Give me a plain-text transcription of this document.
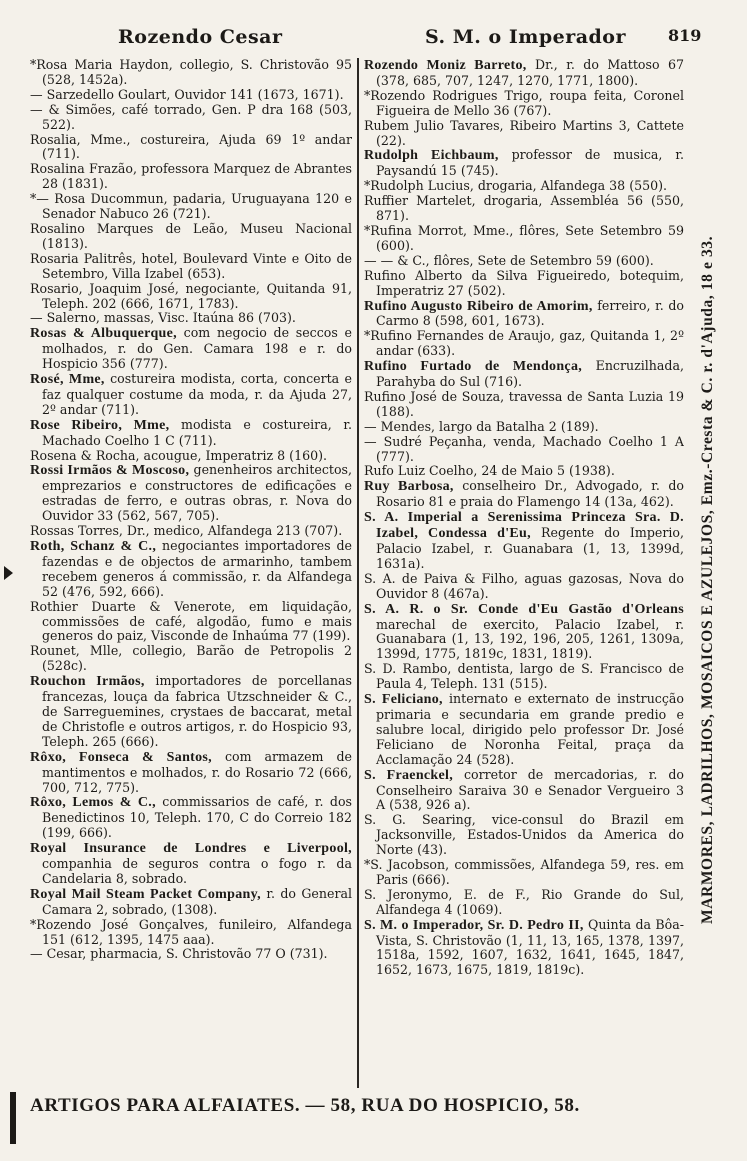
Rozendo Cesar	S. M. o Imperador	819
*Rosa Maria Haydon, collegio, S. Christovão 95 (528, 1452a).
— Sarzedello Goulart, Ouvidor 141 (1673, 1671).
— & Simões, café torrado, Gen. P dra 168 (503, 522).
Rosalia, Mme., costureira, Ajuda 69 1º andar (711).
Rosalina Frazão, professora Marquez de Abrantes 28 (1831).
*— Rosa Ducommun, padaria, Uruguayana 120 e Senador Nabuco 26 (721).
Rosalino Marques de Leão, Museu Nacional (1813).
Rosaria Palitrês, hotel, Boulevard Vinte e Oito de Setembro, Villa Izabel (653).
Rosario, Joaquim José, negociante, Quitanda 91, Teleph. 202 (666, 1671, 1783).
— Salerno, massas, Visc. Itaúna 86 (703).
Rosas & Albuquerque, com negocio de seccos e molhados, r. do Gen. Camara 198 e r. do Hospicio 356 (777).
Rosé, Mme, costureira modista, corta, concerta e faz qualquer costume da moda, r. da Ajuda 27, 2º andar (711).
Rose Ribeiro, Mme, modista e costureira, r. Machado Coelho 1 C (711).
Rosena & Rocha, acougue, Imperatriz 8 (160).
Rossi Irmãos & Moscoso, genenheiros architectos, emprezarios e constructores de edificações e estradas de ferro, e outras obras, r. Nova do Ouvidor 33 (562, 567, 705).
Rossas Torres, Dr., medico, Alfandega 213 (707).
Roth, Schanz & C., negociantes importadores de fazendas e de objectos de armarinho, tambem recebem generos á commissão, r. da Alfandega 52 (476, 592, 666).
Rothier Duarte & Venerote, em liquidação, commissões de café, algodão, fumo e mais generos do paiz, Visconde de Inhaúma 77 (199).
Rounet, Mlle, collegio, Barão de Petropolis 2 (528c).
Rouchon Irmãos, importadores de porcellanas francezas, louça da fabrica Utzschneider & C., de Sarreguemines, crystaes de baccarat, metal de Christofle e outros artigos, r. do Hospicio 93, Teleph. 265 (666).
Rôxo, Fonseca & Santos, com armazem de mantimentos e molhados, r. do Rosario 72 (666, 700, 712, 775).
Rôxo, Lemos & C., commissarios de café, r. dos Benedictinos 10, Teleph. 170, C do Correio 182 (199, 666).
Royal Insurance de Londres e Liverpool, companhia de seguros contra o fogo r. da Candelaria 8, sobrado.
Royal Mail Steam Packet Company, r. do General Camara 2, sobrado, (1308).
*Rozendo José Gonçalves, funileiro, Alfandega 151 (612, 1395, 1475 aaa).
— Cesar, pharmacia, S. Christovão 77 O (731).
Rozendo Moniz Barreto, Dr., r. do Mattoso 67 (378, 685, 707, 1247, 1270, 1771, 1800).
*Rozendo Rodrigues Trigo, roupa feita, Coronel Figueira de Mello 36 (767).
Rubem Julio Tavares, Ribeiro Martins 3, Cattete (22).
Rudolph Eichbaum, professor de musica, r. Paysandú 15 (745).
*Rudolph Lucius, drogaria, Alfandega 38 (550).
Ruffier Martelet, drogaria, Assembléa 56 (550, 871).
*Rufina Morrot, Mme., flôres, Sete Setembro 59 (600).
— — & C., flôres, Sete de Setembro 59 (600).
Rufino Alberto da Silva Figueiredo, botequim, Imperatriz 27 (502).
Rufino Augusto Ribeiro de Amorim, ferreiro, r. do Carmo 8 (598, 601, 1673).
*Rufino Fernandes de Araujo, gaz, Quitanda 1, 2º andar (633).
Rufino Furtado de Mendonça, Encruzilhada, Parahyba do Sul (716).
Rufino José de Souza, travessa de Santa Luzia 19 (188).
— Mendes, largo da Batalha 2 (189).
— Sudré Peçanha, venda, Machado Coelho 1 A (777).
Rufo Luiz Coelho, 24 de Maio 5 (1938).
Ruy Barbosa, conselheiro Dr., Advogado, r. do Rosario 81 e praia do Flamengo 14 (13a, 462).
S. A. Imperial a Serenissima Princeza Sra. D. Izabel, Condessa d'Eu, Regente do Imperio, Palacio Izabel, r. Guanabara (1, 13, 1399d, 1631a).
S. A. de Paiva & Filho, aguas gazosas, Nova do Ouvidor 8 (467a).
S. A. R. o Sr. Conde d'Eu Gastão d'Orleans marechal de exercito, Palacio Izabel, r. Guanabara (1, 13, 192, 196, 205, 1261, 1309a, 1399d, 1775, 1819c, 1831, 1819).
S. D. Rambo, dentista, largo de S. Francisco de Paula 4, Teleph. 131 (515).
S. Feliciano, internato e externato de instrucção primaria e secundaria em grande predio e salubre local, dirigido pelo professor Dr. José Feliciano de Noronha Feital, praça da Acclamação 24 (528).
S. Fraenckel, corretor de mercadorias, r. do Conselheiro Saraiva 30 e Senador Vergueiro 3 A (538, 926 a).
S. G. Searing, vice-consul do Brazil em Jacksonville, Estados-Unidos da America do Norte (43).
*S. Jacobson, commissões, Alfandega 59, res. em Paris (666).
S. Jeronymo, E. de F., Rio Grande do Sul, Alfandega 4 (1069).
S. M. o Imperador, Sr. D. Pedro II, Quinta da Bôa-Vista, S. Christovão (1, 11, 13, 165, 1378, 1397, 1518a, 1592, 1607, 1632, 1641, 1645, 1847, 1652, 1673, 1675, 1819, 1819c).
MARMORES, LADRILHOS, MOSAICOS E AZULEJOS, Emz.-Cresta & C. r. d'Ajuda, 18 e 33.
ARTIGOS PARA ALFAIATES. — 58, RUA DO HOSPICIO, 58.
